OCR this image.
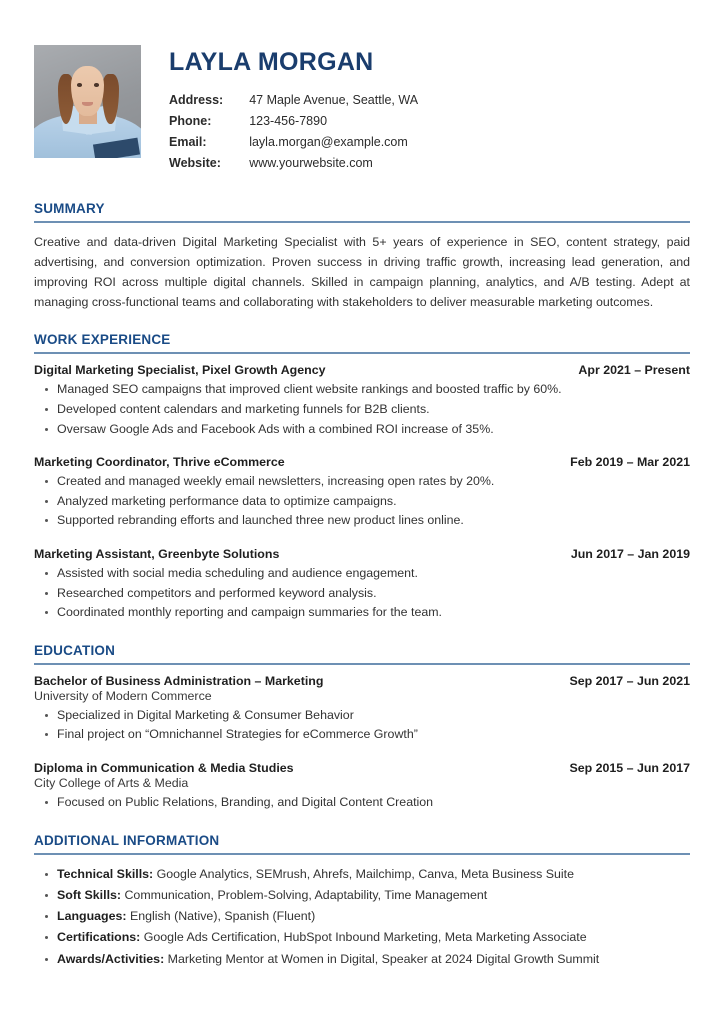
LAYLA MORGAN
Address:	47 Maple Avenue, Seattle, WA
Phone:	123-456-7890
Email:	layla.morgan@example.com
Website:	www.yourwebsite.com
SUMMARY

Creative and data-driven Digital Marketing Specialist with 5+ years of experience in SEO, content strategy, paid advertising, and conversion optimization. Proven success in driving traffic growth, increasing lead generation, and improving ROI across multiple digital channels. Skilled in campaign planning, analytics, and A/B testing. Adept at managing cross-functional teams and collaborating with stakeholders to deliver measurable marketing outcomes.

WORK EXPERIENCE
Digital Marketing Specialist, Pixel Growth Agency	Apr 2021 – Present
Managed SEO campaigns that improved client website rankings and boosted traffic by 60%.
Developed content calendars and marketing funnels for B2B clients.
Oversaw Google Ads and Facebook Ads with a combined ROI increase of 35%.
Marketing Coordinator, Thrive eCommerce	Feb 2019 – Mar 2021
Created and managed weekly email newsletters, increasing open rates by 20%.
Analyzed marketing performance data to optimize campaigns.
Supported rebranding efforts and launched three new product lines online.
Marketing Assistant, Greenbyte Solutions	Jun 2017 – Jan 2019
Assisted with social media scheduling and audience engagement.
Researched competitors and performed keyword analysis.
Coordinated monthly reporting and campaign summaries for the team.
EDUCATION
Bachelor of Business Administration – Marketing	Sep 2017 – Jun 2021
University of Modern Commerce
Specialized in Digital Marketing & Consumer Behavior
Final project on “Omnichannel Strategies for eCommerce Growth”
Diploma in Communication & Media Studies	Sep 2015 – Jun 2017
City College of Arts & Media
Focused on Public Relations, Branding, and Digital Content Creation
ADDITIONAL INFORMATION
Technical Skills: Google Analytics, SEMrush, Ahrefs, Mailchimp, Canva, Meta Business Suite
Soft Skills: Communication, Problem-Solving, Adaptability, Time Management
Languages: English (Native), Spanish (Fluent)
Certifications: Google Ads Certification, HubSpot Inbound Marketing, Meta Marketing Associate
Awards/Activities: Marketing Mentor at Women in Digital, Speaker at 2024 Digital Growth Summit
